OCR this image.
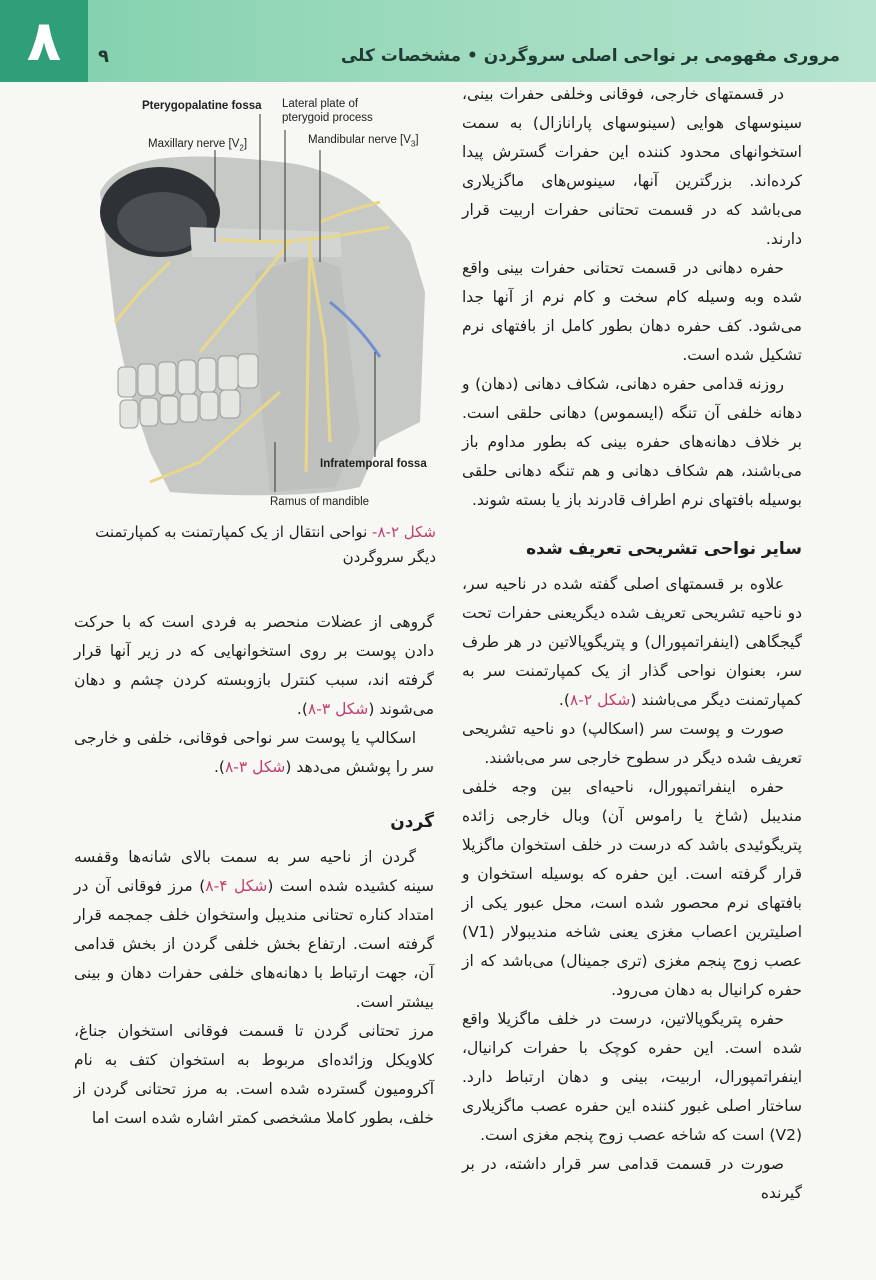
۸	۹	مروری مفهومی بر نواحی اصلی سروگردن • مشخصات کلی
Pterygopalatine fossa Lateral plate of
pterygoid process
Maxillary nerve $[V_2]$	Mandibular nerve $[V_3]$
Infratemporal fossa
Ramus of mandible
شکل ۲-۸- نواحی انتقال از یک کمپارتمنت به کمپارتمنت دیگر سروگردن

در قسمتهای خارجی، فوقانی وخلفی حفرات بینی، سینوسهای هوایی (سینوسهای پارانازال) به سمت استخوانهای محدود کننده این حفرات گسترش پیدا کرده‌اند. بزرگترین آنها، سینوس‌های ماگزیلاری می‌باشد که در قسمت تحتانی حفرات اربیت قرار دارند.

حفره دهانی در قسمت تحتانی حفرات بینی واقع شده وبه وسیله کام سخت و کام نرم از آنها جدا می‌شود. کف حفره دهان بطور کامل از بافتهای نرم تشکیل شده است.

روزنه قدامی حفره دهانی، شکاف دهانی (دهان) و دهانه خلفی آن تنگه (ایسموس) دهانی حلقی است. بر خلاف دهانه‌های حفره بینی که بطور مداوم باز می‌باشند، هم شکاف دهانی و هم تنگه دهانی حلقی بوسیله بافتهای نرم اطراف قادرند باز یا بسته شوند.

سایر نواحی تشریحی تعریف شده

علاوه بر قسمتهای اصلی گفته شده در ناحیه سر، دو ناحیه تشریحی تعریف شده دیگریعنی حفرات تحت گیجگاهی (اینفراتمپورال) و پتریگوپالاتین در هر طرف سر، بعنوان نواحی گذار از یک کمپارتمنت سر به کمپارتمنت دیگر می‌باشند (شکل ۲-۸).

صورت و پوست سر (اسکالپ) دو ناحیه تشریحی تعریف شده دیگر در سطوح خارجی سر می‌باشند.

حفره اینفراتمپورال، ناحیه‌ای بین وجه خلفی مندیبل (شاخ یا راموس آن) وبال خارجی زائده پتریگوئیدی باشد که درست در خلف استخوان ماگزیلا قرار گرفته است. این حفره که بوسیله استخوان و بافتهای نرم محصور شده است، محل عبور یکی از اصلیترین اعصاب مغزی یعنی شاخه مندیبولار (V1) عصب زوج پنجم مغزی (تری جمینال) می‌باشد که از حفره کرانیال به دهان می‌رود.

حفره پتریگوپالاتین، درست در خلف ماگزیلا واقع شده است. این حفره کوچک با حفرات کرانیال، اینفراتمپورال، اربیت، بینی و دهان ارتباط دارد. ساختار اصلی غبور کننده این حفره عصب ماگزیلاری (V2) است که شاخه عصب زوج پنجم مغزی است.

صورت در قسمت قدامی سر قرار داشته، در بر گیرنده

گروهی از عضلات منحصر به فردی است که با حرکت دادن پوست بر روی استخوانهایی که در زیر آنها قرار گرفته اند، سبب کنترل بازوبسته کردن چشم و دهان می‌شوند (شکل ۳-۸).

اسکالپ یا پوست سر نواحی فوقانی، خلفی و خارجی سر را پوشش می‌دهد (شکل ۳-۸).

گردن

گردن از ناحیه سر به سمت بالای شانه‌ها وقفسه سینه کشیده شده است (شکل ۴-۸) مرز فوقانی آن در امتداد کناره تحتانی مندیبل واستخوان خلف جمجمه قرار گرفته است. ارتفاع بخش خلفی گردن از بخش قدامی آن، جهت ارتباط با دهانه‌های خلفی حفرات دهان و بینی بیشتر است.

مرز تحتانی گردن تا قسمت فوقانی استخوان جناغ، کلاویکل وزائده‌ای مربوط به استخوان کتف به نام آکرومیون گسترده شده است. به مرز تحتانی گردن از خلف، بطور کاملا مشخصی کمتر اشاره شده است اما
